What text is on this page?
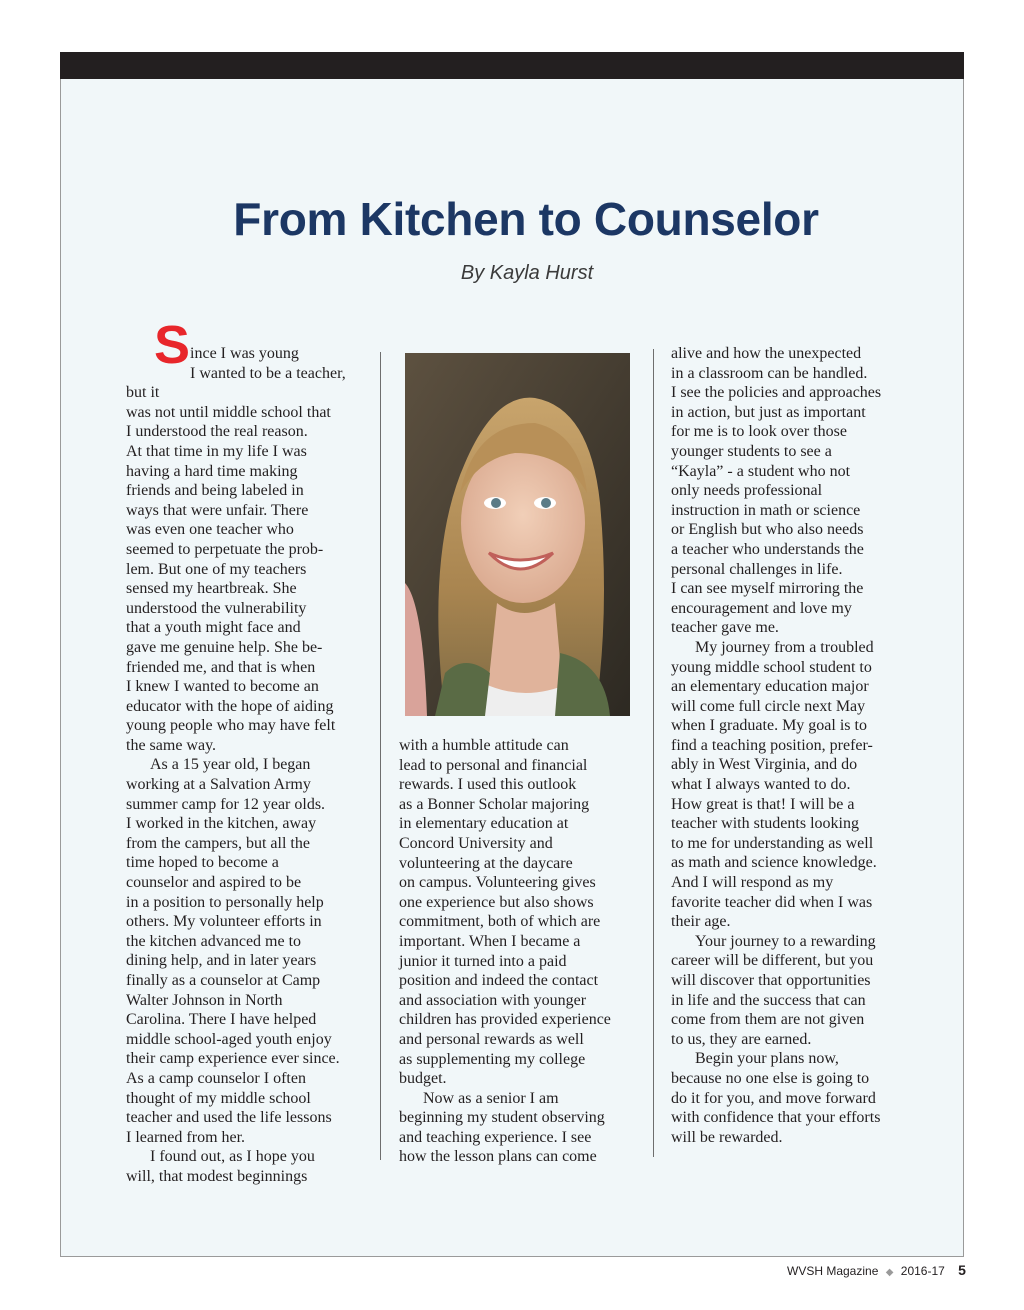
From Kitchen to Counselor
By Kayla Hurst
S ince I was young

I wanted to be a teacher, but it

was not until middle school that

I understood the real reason.

At that time in my life I was

having a hard time making

friends and being labeled in

ways that were unfair. There

was even one teacher who

seemed to perpetuate the prob-

lem. But one of my teachers

sensed my heartbreak. She

understood the vulnerability

that a youth might face and

gave me genuine help. She be-

friended me, and that is when

I knew I wanted to become an

educator with the hope of aiding

young people who may have felt

the same way.

As a 15 year old, I began

working at a Salvation Army

summer camp for 12 year olds.

I worked in the kitchen, away

from the campers, but all the

time hoped to become a

counselor and aspired to be

in a position to personally help

others. My volunteer efforts in

the kitchen advanced me to

dining help, and in later years

finally as a counselor at Camp

Walter Johnson in North

Carolina. There I have helped

middle school-aged youth enjoy

their camp experience ever since.

As a camp counselor I often

thought of my middle school

teacher and used the life lessons

I learned from her.

I found out, as I hope you

will, that modest beginnings

with a humble attitude can

lead to personal and financial

rewards. I used this outlook

as a Bonner Scholar majoring

in elementary education at

Concord University and

volunteering at the daycare

on campus. Volunteering gives

one experience but also shows

commitment, both of which are

important. When I became a

junior it turned into a paid

position and indeed the contact

and association with younger

children has provided experience

and personal rewards as well

as supplementing my college

budget.

Now as a senior I am

beginning my student observing

and teaching experience. I see

how the lesson plans can come

alive and how the unexpected

in a classroom can be handled.

I see the policies and approaches

in action, but just as important

for me is to look over those

younger students to see a

“Kayla” - a student who not

only needs professional

instruction in math or science

or English but who also needs

a teacher who understands the

personal challenges in life.

I can see myself mirroring the

encouragement and love my

teacher gave me.

My journey from a troubled

young middle school student to

an elementary education major

will come full circle next May

when I graduate. My goal is to

find a teaching position, prefer-

ably in West Virginia, and do

what I always wanted to do.

How great is that! I will be a

teacher with students looking

to me for understanding as well

as math and science knowledge.

And I will respond as my

favorite teacher did when I was

their age.

Your journey to a rewarding

career will be different, but you

will discover that opportunities

in life and the success that can

come from them are not given

to us, they are earned.

Begin your plans now,

because no one else is going to

do it for you, and move forward

with confidence that your efforts

will be rewarded.

WVSH Magazine ◆ 2016-17 5
